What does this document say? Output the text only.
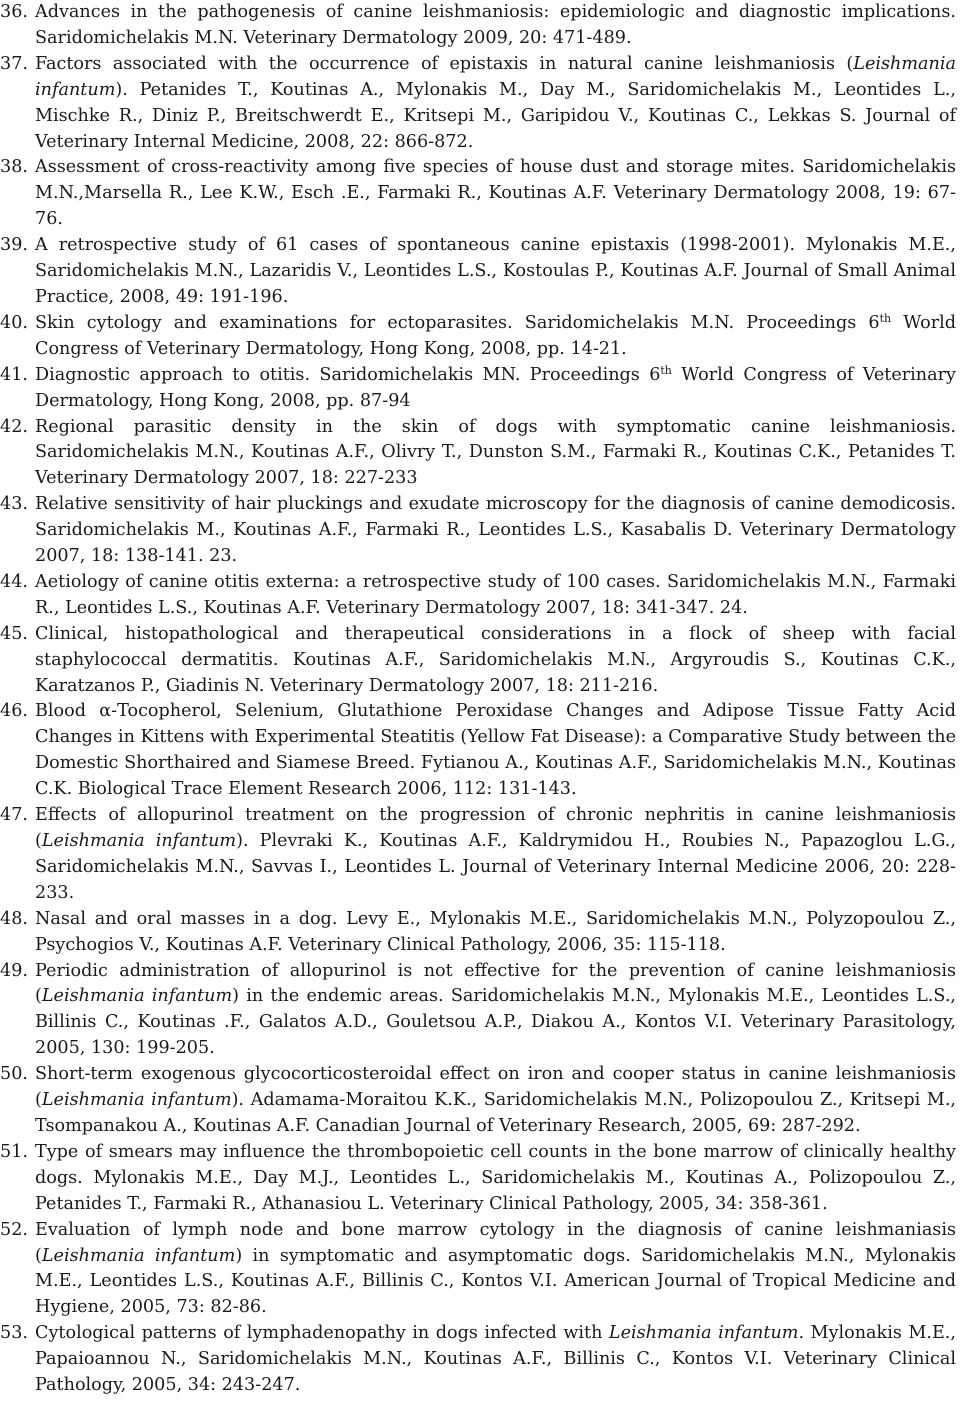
36. Advances in the pathogenesis of canine leishmaniosis: epidemiologic and diagnostic implications. Saridomichelakis M.N. Veterinary Dermatology 2009, 20: 471-489.
37. Factors associated with the occurrence of epistaxis in natural canine leishmaniosis (Leishmania infantum). Petanides T., Koutinas A., Mylonakis M., Day M., Saridomichelakis M., Leontides L., Mischke R., Diniz P., Breitschwerdt E., Kritsepi M., Garipidou V., Koutinas C., Lekkas S. Journal of Veterinary Internal Medicine, 2008, 22: 866-872.
38. Assessment of cross-reactivity among five species of house dust and storage mites. Saridomichelakis M.N.,Marsella R., Lee K.W., Esch .E., Farmaki R., Koutinas A.F. Veterinary Dermatology 2008, 19: 67-76.
39. A retrospective study of 61 cases of spontaneous canine epistaxis (1998-2001). Mylonakis M.E., Saridomichelakis M.N., Lazaridis V., Leontides L.S., Kostoulas P., Koutinas A.F. Journal of Small Animal Practice, 2008, 49: 191-196.
40. Skin cytology and examinations for ectoparasites. Saridomichelakis M.N. Proceedings 6th World Congress of Veterinary Dermatology, Hong Kong, 2008, pp. 14-21.
41. Diagnostic approach to otitis. Saridomichelakis MN. Proceedings 6th World Congress of Veterinary Dermatology, Hong Kong, 2008, pp. 87-94
42. Regional parasitic density in the skin of dogs with symptomatic canine leishmaniosis. Saridomichelakis M.N., Koutinas A.F., Olivry T., Dunston S.M., Farmaki R., Koutinas C.K., Petanides T. Veterinary Dermatology 2007, 18: 227-233
43. Relative sensitivity of hair pluckings and exudate microscopy for the diagnosis of canine demodicosis. Saridomichelakis M., Koutinas A.F., Farmaki R., Leontides L.S., Kasabalis D. Veterinary Dermatology 2007, 18: 138-141. 23.
44. Aetiology of canine otitis externa: a retrospective study of 100 cases. Saridomichelakis M.N., Farmaki R., Leontides L.S., Koutinas A.F. Veterinary Dermatology 2007, 18: 341-347. 24.
45. Clinical, histopathological and therapeutical considerations in a flock of sheep with facial staphylococcal dermatitis. Koutinas A.F., Saridomichelakis M.N., Argyroudis S., Koutinas C.K., Karatzanos P., Giadinis N. Veterinary Dermatology 2007, 18: 211-216.
46. Blood α-Tocopherol, Selenium, Glutathione Peroxidase Changes and Adipose Tissue Fatty Acid Changes in Kittens with Experimental Steatitis (Yellow Fat Disease): a Comparative Study between the Domestic Shorthaired and Siamese Breed. Fytianou A., Koutinas A.F., Saridomichelakis M.N., Koutinas C.K. Biological Trace Element Research 2006, 112: 131-143.
47. Effects of allopurinol treatment on the progression of chronic nephritis in canine leishmaniosis (Leishmania infantum). Plevraki K., Koutinas A.F., Kaldrymidou H., Roubies N., Papazoglou L.G., Saridomichelakis M.N., Savvas I., Leontides L. Journal of Veterinary Internal Medicine 2006, 20: 228-233.
48. Nasal and oral masses in a dog. Levy E., Mylonakis M.E., Saridomichelakis M.N., Polyzopoulou Z., Psychogios V., Koutinas A.F. Veterinary Clinical Pathology, 2006, 35: 115-118.
49. Periodic administration of allopurinol is not effective for the prevention of canine leishmaniosis (Leishmania infantum) in the endemic areas. Saridomichelakis M.N., Mylonakis M.E., Leontides L.S., Billinis C., Koutinas .F., Galatos A.D., Gouletsou A.P., Diakou A., Kontos V.I. Veterinary Parasitology, 2005, 130: 199-205.
50. Short-term exogenous glycocorticosteroidal effect on iron and cooper status in canine leishmaniosis (Leishmania infantum). Adamama-Moraitou K.K., Saridomichelakis M.N., Polizopoulou Z., Kritsepi M., Tsompanakou A., Koutinas A.F. Canadian Journal of Veterinary Research, 2005, 69: 287-292.
51. Type of smears may influence the thrombopoietic cell counts in the bone marrow of clinically healthy dogs. Mylonakis M.E., Day M.J., Leontides L., Saridomichelakis M., Koutinas A., Polizopoulou Z., Petanides T., Farmaki R., Athanasiou L. Veterinary Clinical Pathology, 2005, 34: 358-361.
52. Evaluation of lymph node and bone marrow cytology in the diagnosis of canine leishmaniasis (Leishmania infantum) in symptomatic and asymptomatic dogs. Saridomichelakis M.N., Mylonakis M.E., Leontides L.S., Koutinas A.F., Billinis C., Kontos V.I. American Journal of Tropical Medicine and Hygiene, 2005, 73: 82-86.
53. Cytological patterns of lymphadenopathy in dogs infected with Leishmania infantum. Mylonakis M.E., Papaioannou N., Saridomichelakis M.N., Koutinas A.F., Billinis C., Kontos V.I. Veterinary Clinical Pathology, 2005, 34: 243-247.
